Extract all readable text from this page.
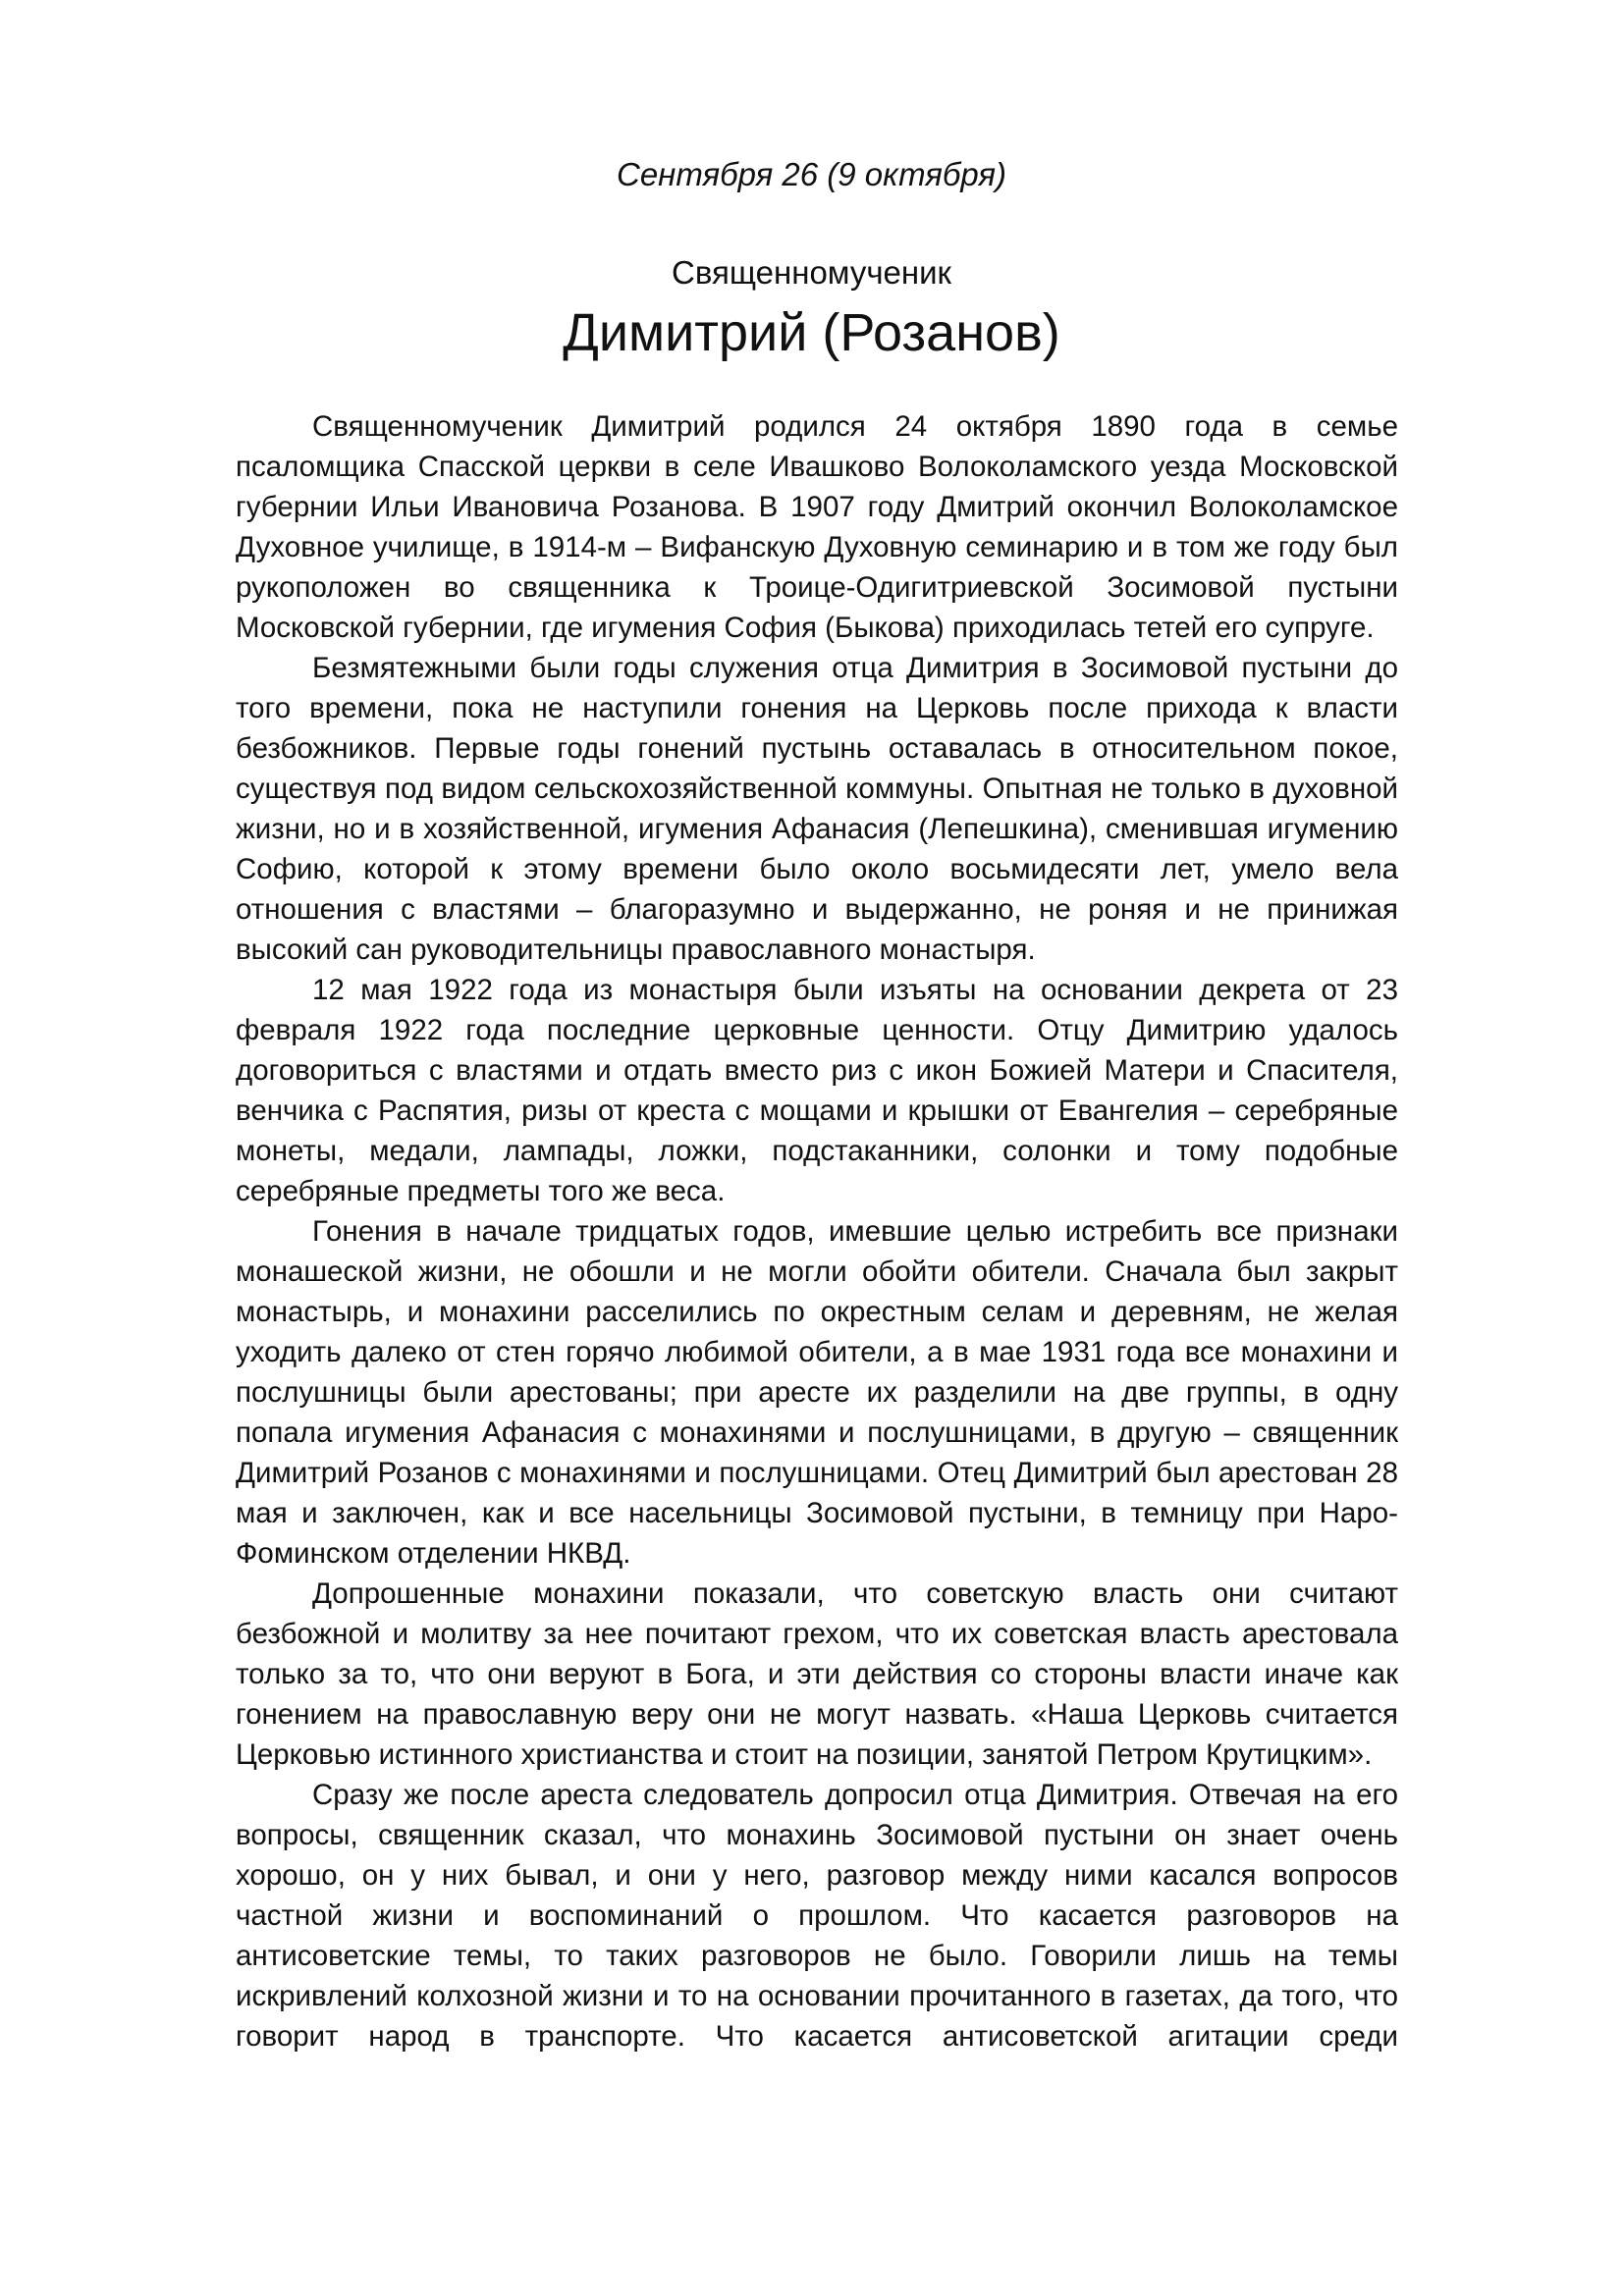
Сентября 26 (9 октября)
Священномученик
Димитрий (Розанов)

Священномученик Димитрий родился 24 октября 1890 года в семье псаломщика Спасской церкви в селе Ивашково Волоколамского уезда Московской губернии Ильи Ивановича Розанова. В 1907 году Дмитрий окончил Волоколамское Духовное училище, в 1914-м – Вифанскую Духовную семинарию и в том же году был рукоположен во священника к Троице-Одигитриевской Зосимовой пустыни Московской губернии, где игумения София (Быкова) приходилась тетей его супруге.

Безмятежными были годы служения отца Димитрия в Зосимовой пустыни до того времени, пока не наступили гонения на Церковь после прихода к власти безбожников. Первые годы гонений пустынь оставалась в относительном покое, существуя под видом сельскохозяйственной коммуны. Опытная не только в духовной жизни, но и в хозяйственной, игумения Афанасия (Лепешкина), сменившая игумению Софию, которой к этому времени было около восьмидесяти лет, умело вела отношения с властями – благоразумно и выдержанно, не роняя и не принижая высокий сан руководительницы православного монастыря.

12 мая 1922 года из монастыря были изъяты на основании декрета от 23 февраля 1922 года последние церковные ценности. Отцу Димитрию удалось договориться с властями и отдать вместо риз с икон Божией Матери и Спасителя, венчика с Распятия, ризы от креста с мощами и крышки от Евангелия – серебряные монеты, медали, лампады, ложки, подстаканники, солонки и тому подобные серебряные предметы того же веса.

Гонения в начале тридцатых годов, имевшие целью истребить все признаки монашеской жизни, не обошли и не могли обойти обители. Сначала был закрыт монастырь, и монахини расселились по окрестным селам и деревням, не желая уходить далеко от стен горячо любимой обители, а в мае 1931 года все монахини и послушницы были арестованы; при аресте их разделили на две группы, в одну попала игумения Афанасия с монахинями и послушницами, в другую – священник Димитрий Розанов с монахинями и послушницами. Отец Димитрий был арестован 28 мая и заключен, как и все насельницы Зосимовой пустыни, в темницу при Наро-Фоминском отделении НКВД.

Допрошенные монахини показали, что советскую власть они считают безбожной и молитву за нее почитают грехом, что их советская власть арестовала только за то, что они веруют в Бога, и эти действия со стороны власти иначе как гонением на православную веру они не могут назвать. «Наша Церковь считается Церковью истинного христианства и стоит на позиции, занятой Петром Крутицким».

Сразу же после ареста следователь допросил отца Димитрия. Отвечая на его вопросы, священник сказал, что монахинь Зосимовой пустыни он знает очень хорошо, он у них бывал, и они у него, разговор между ними касался вопросов частной жизни и воспоминаний о прошлом. Что касается разговоров на антисоветские темы, то таких разговоров не было. Говорили лишь на темы искривлений колхозной жизни и то на основании прочитанного в газетах, да того, что говорит народ в транспорте. Что касается антисоветской агитации среди
